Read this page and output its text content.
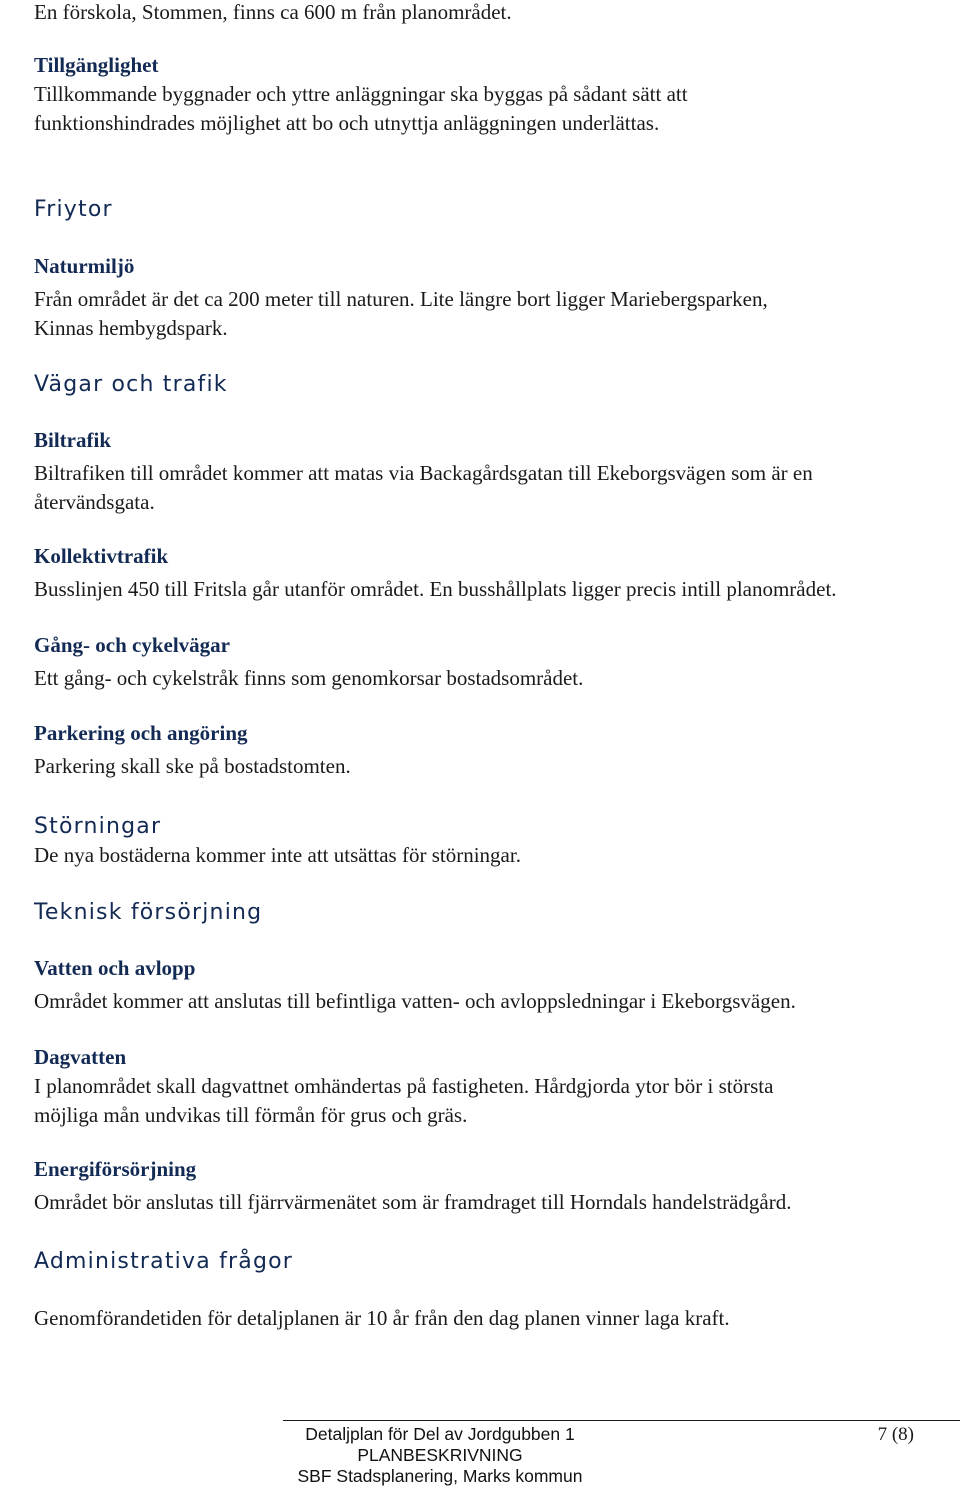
En förskola, Stommen, finns ca 600 m från planområdet.

Tillgänglighet

Tillkommande byggnader och yttre anläggningar ska byggas på sådant sätt att

funktionshindrades möjlighet att bo och utnyttja anläggningen underlättas.

Friytor

Naturmiljö

Från området är det ca 200 meter till naturen. Lite längre bort ligger Mariebergsparken,

Kinnas hembygdspark.

Vägar och trafik

Biltrafik

Biltrafiken till området kommer att matas via Backagårdsgatan till Ekeborgsvägen som är en

återvändsgata.

Kollektivtrafik

Busslinjen 450 till Fritsla går utanför området. En busshållplats ligger precis intill planområdet.

Gång- och cykelvägar

Ett gång- och cykelstråk finns som genomkorsar bostadsområdet.

Parkering och angöring

Parkering skall ske på bostadstomten.

Störningar

De nya bostäderna kommer inte att utsättas för störningar.

Teknisk försörjning

Vatten och avlopp

Området kommer att anslutas till befintliga vatten- och avloppsledningar i Ekeborgsvägen.

Dagvatten

I planområdet skall dagvattnet omhändertas på fastigheten. Hårdgjorda ytor bör i största

möjliga mån undvikas till förmån för grus och gräs.

Energiförsörjning

Området bör anslutas till fjärrvärmenätet som är framdraget till Horndals handelsträdgård.

Administrativa frågor

Genomförandetiden för detaljplanen är 10 år från den dag planen vinner laga kraft.

Detaljplan för Del av Jordgubben 1
PLANBESKRIVNING
SBF Stadsplanering, Marks kommun
7 (8)
